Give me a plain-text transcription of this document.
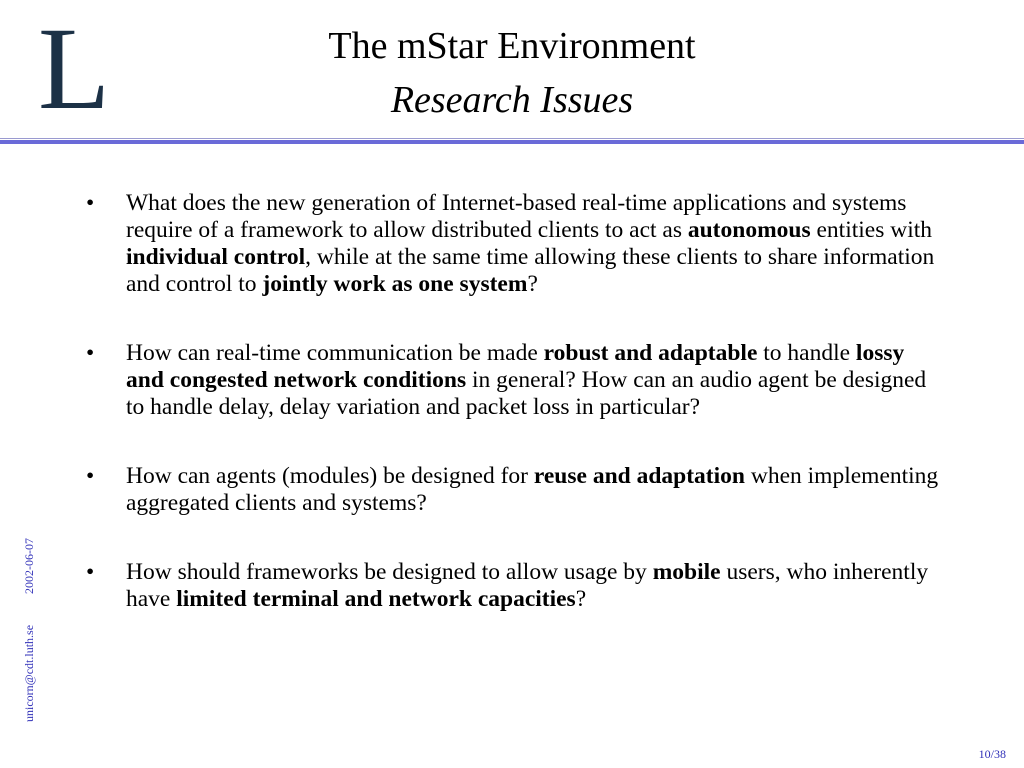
L	The mStar Environment
Research Issues
unicorn@cdt.luth.se 2002-06-07
• What does the new generation of Internet-based real-time applications and systems require of a framework to allow distributed clients to act as autonomous entities with individual control, while at the same time allowing these clients to share information and control to jointly work as one system?
• How can real-time communication be made robust and adaptable to handle lossy and congested network conditions in general? How can an audio agent be designed to handle delay, delay variation and packet loss in particular?
• How can agents (modules) be designed for reuse and adaptation when implementing aggregated clients and systems?
• How should frameworks be designed to allow usage by mobile users, who inherently have limited terminal and network capacities?
10/38
